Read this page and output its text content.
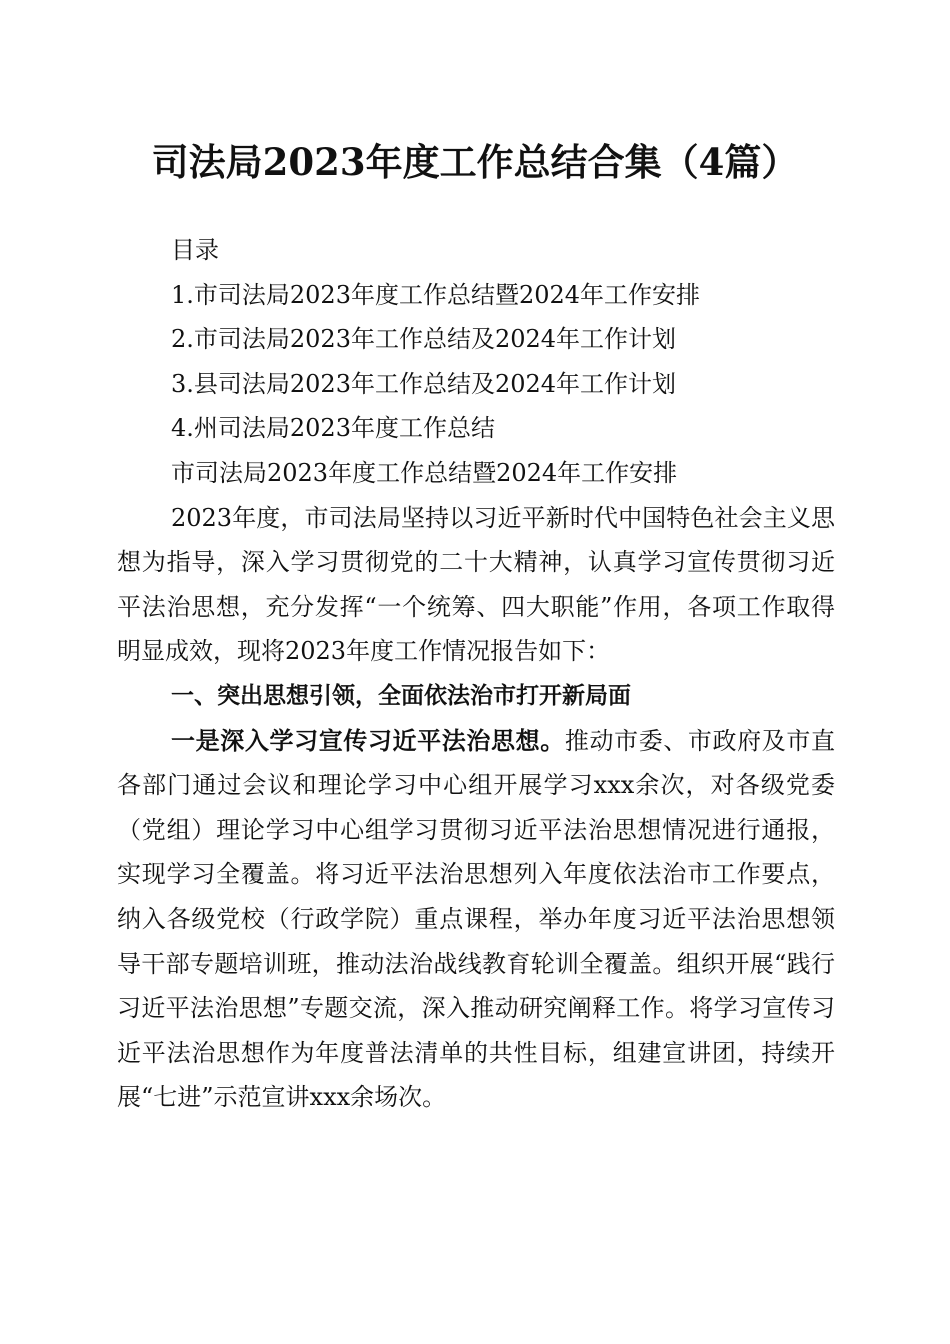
司法局2023年度工作总结合集（4篇）

目录

1.市司法局2023年度工作总结暨2024年工作安排

2.市司法局2023年工作总结及2024年工作计划

3.县司法局2023年工作总结及2024年工作计划

4.州司法局2023年度工作总结

市司法局2023年度工作总结暨2024年工作安排

2023年度，市司法局坚持以习近平新时代中国特色社会主义思想为指导，深入学习贯彻党的二十大精神，认真学习宣传贯彻习近平法治思想，充分发挥“一个统筹、四大职能”作用，各项工作取得明显成效，现将2023年度工作情况报告如下：

一、突出思想引领，全面依法治市打开新局面

一是深入学习宣传习近平法治思想。推动市委、市政府及市直各部门通过会议和理论学习中心组开展学习xxx余次，对各级党委（党组）理论学习中心组学习贯彻习近平法治思想情况进行通报，实现学习全覆盖。将习近平法治思想列入年度依法治市工作要点，纳入各级党校（行政学院）重点课程，举办年度习近平法治思想领导干部专题培训班，推动法治战线教育轮训全覆盖。组织开展“践行习近平法治思想”专题交流，深入推动研究阐释工作。将学习宣传习近平法治思想作为年度普法清单的共性目标，组建宣讲团，持续开展“七进”示范宣讲xxx余场次。
